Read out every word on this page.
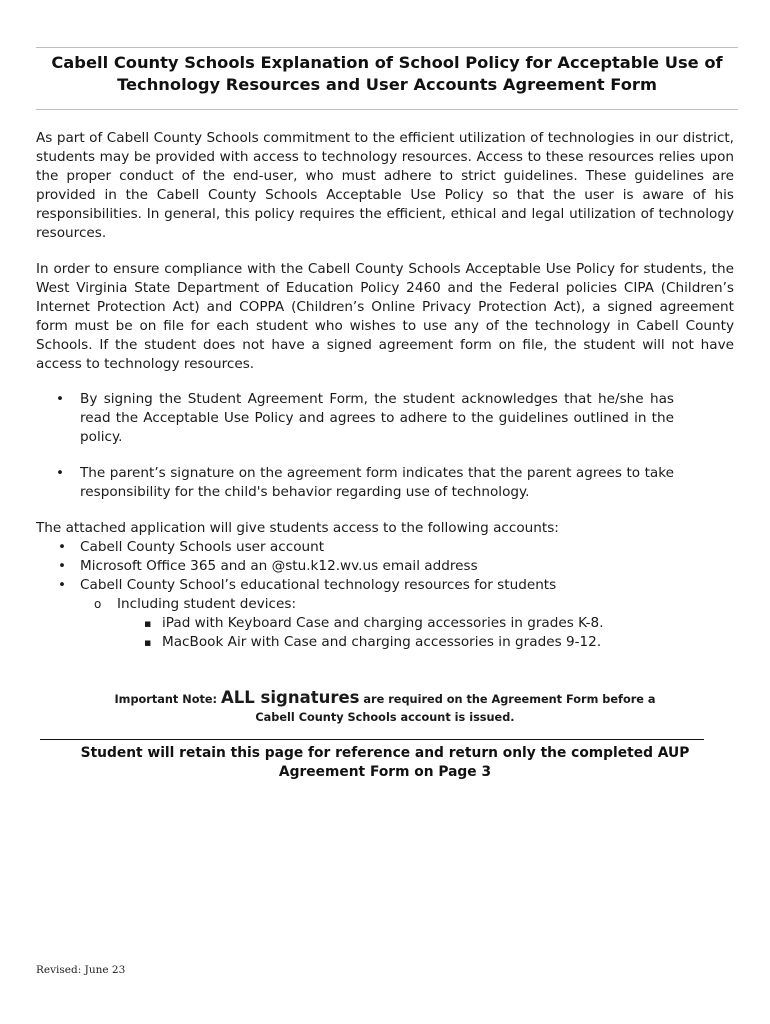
Cabell County Schools Explanation of School Policy for Acceptable Use of Technology Resources and User Accounts Agreement Form
As part of Cabell County Schools commitment to the efficient utilization of technologies in our district, students may be provided with access to technology resources. Access to these resources relies upon the proper conduct of the end-user, who must adhere to strict guidelines. These guidelines are provided in the Cabell County Schools Acceptable Use Policy so that the user is aware of his responsibilities. In general, this policy requires the efficient, ethical and legal utilization of technology resources.
In order to ensure compliance with the Cabell County Schools Acceptable Use Policy for students, the West Virginia State Department of Education Policy 2460 and the Federal policies CIPA (Children’s Internet Protection Act) and COPPA (Children’s Online Privacy Protection Act), a signed agreement form must be on file for each student who wishes to use any of the technology in Cabell County Schools. If the student does not have a signed agreement form on file, the student will not have access to technology resources.
•	By signing the Student Agreement Form, the student acknowledges that he/she has read the Acceptable Use Policy and agrees to adhere to the guidelines outlined in the policy.
•	The parent’s signature on the agreement form indicates that the parent agrees to take responsibility for the child's behavior regarding use of technology.
The attached application will give students access to the following accounts:
• Cabell County Schools user account
• Microsoft Office 365 and an @stu.k12.wv.us email address
• Cabell County School’s educational technology resources for students
o Including student devices:
▪ iPad with Keyboard Case and charging accessories in grades K-8.
▪ MacBook Air with Case and charging accessories in grades 9-12.
Important Note: ALL signatures are required on the Agreement Form before a
Cabell County Schools account is issued.
Student will retain this page for reference and return only the completed AUP Agreement Form on Page 3
Revised: June 23
